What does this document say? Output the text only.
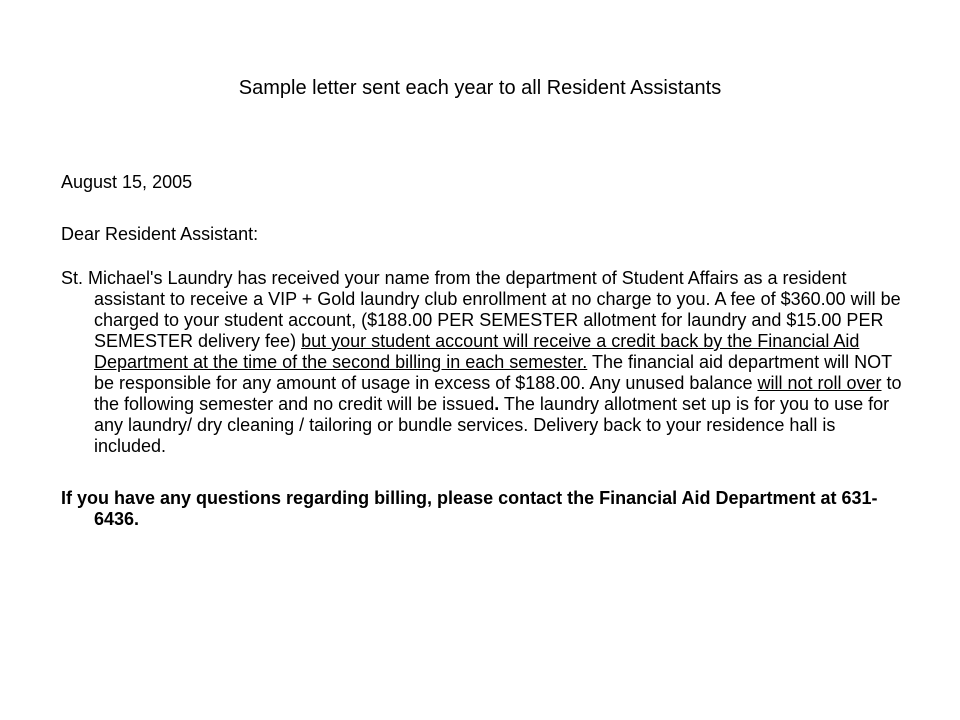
Sample letter sent each year to all Resident Assistants

August 15, 2005

Dear Resident Assistant:

St. Michael's Laundry has received your name from the department of Student Affairs as a resident assistant to receive a VIP + Gold laundry club enrollment at no charge to you. A fee of $360.00 will be charged to your student account, ($188.00 PER SEMESTER allotment for laundry and $15.00 PER SEMESTER delivery fee) but your student account will receive a credit back by the Financial Aid Department at the time of the second billing in each semester. The financial aid department will NOT be responsible for any amount of usage in excess of $188.00. Any unused balance will not roll over to the following semester and no credit will be issued. The laundry allotment set up is for you to use for any laundry/ dry cleaning / tailoring or bundle services. Delivery back to your residence hall is included.

If you have any questions regarding billing, please contact the Financial Aid Department at 631-6436.
